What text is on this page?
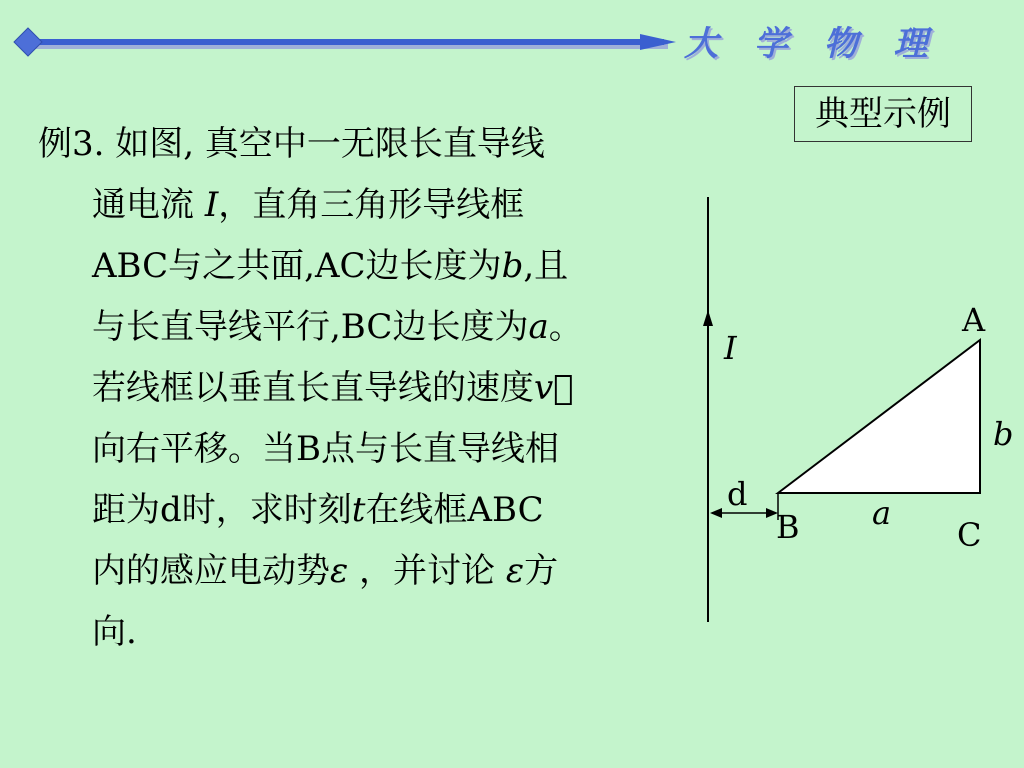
大 学 物 理
典型示例
例3. 如图, 真空中一无限长直导线
通电流 I，直角三角形导线框
ABC与之共面,AC边长度为b,且
与长直导线平行,BC边长度为a。
若线框以垂直长直导线的速度v⃗
向右平移。当B点与长直导线相
距为d时，求时刻t在线框ABC
内的感应电动势ε ，并讨论 ε方
向.
I
A
b
d	a
B	C
